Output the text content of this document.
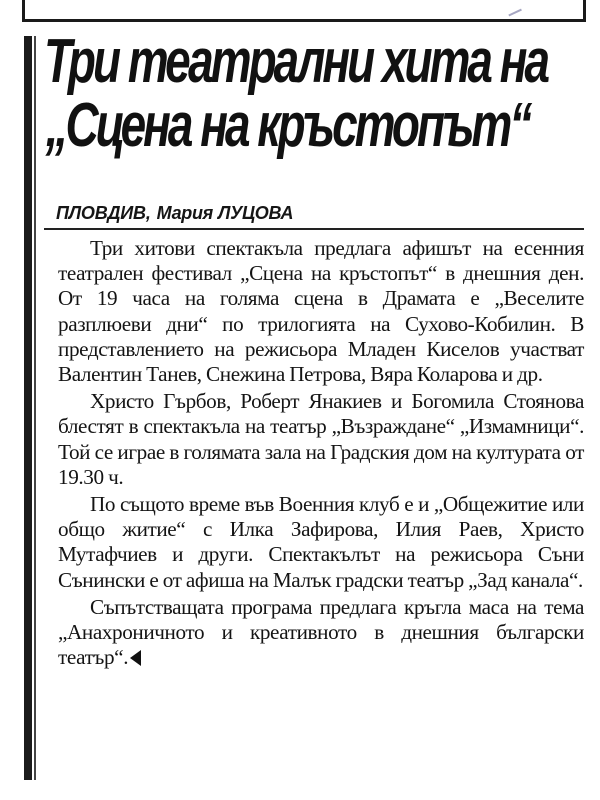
Три театрални хита на
„Сцена на кръстопът“
ПЛОВДИВ, Мария ЛУЦОВА

Три хитови спектакъла предлага афишът на есенния театрален фестивал „Сцена на кръстопът“ в днешния ден. От 19 часа на голяма сцена в Драмата е „Веселите разплюеви дни“ по трилогията на Сухово-Кобилин. В представлението на режисьора Младен Киселов участват Валентин Танев, Снежина Петрова, Вяра Коларова и др.

Христо Гърбов, Роберт Янакиев и Богомила Стоянова блестят в спектакъла на театър „Възраждане“ „Измамници“. Той се играе в голямата зала на Градския дом на културата от 19.30 ч.

По същото време във Военния клуб е и „Общежитие или общо житие“ с Илка Зафирова, Илия Раев, Христо Мутафчиев и други. Спектакълът на режисьора Съни Сънински е от афиша на Малък градски театър „Зад канала“.

Съпътстващата програма предлага кръгла маса на тема „Анахроничното и креативното в днешния български театър“.
